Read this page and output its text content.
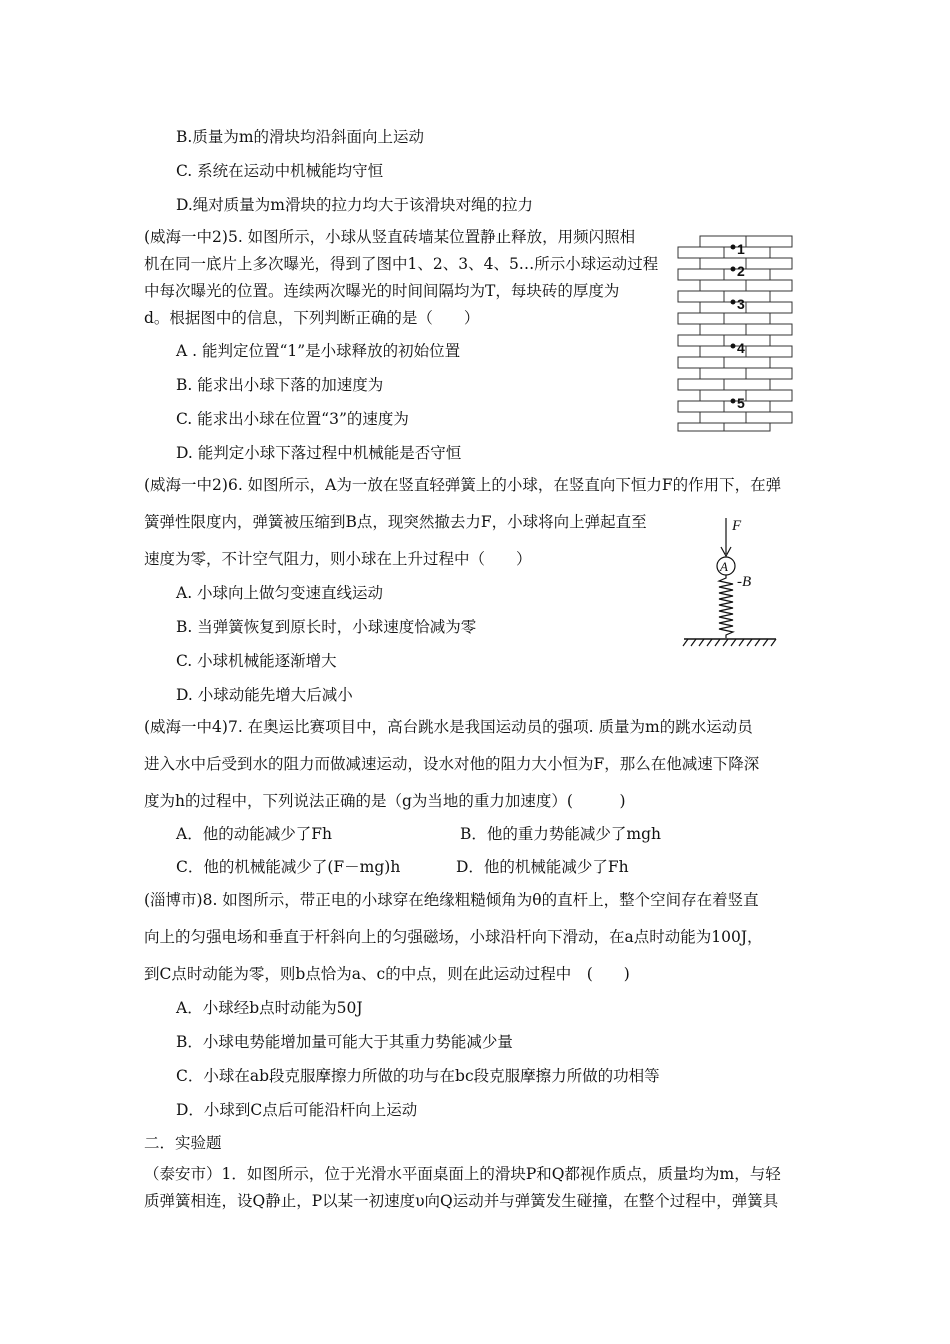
B.质量为m的滑块均沿斜面向上运动
C. 系统在运动中机械能均守恒
D.绳对质量为m滑块的拉力均大于该滑块对绳的拉力
(威海一中2)5. 如图所示，小球从竖直砖墙某位置静止释放，用频闪照相
机在同一底片上多次曝光，得到了图中1、2、3、4、5…所示小球运动过程
中每次曝光的位置。连续两次曝光的时间间隔均为T，每块砖的厚度为
d。根据图中的信息，下列判断正确的是（　　）
A . 能判定位置“1”是小球释放的初始位置
B. 能求出小球下落的加速度为
C. 能求出小球在位置“3”的速度为
D. 能判定小球下落过程中机械能是否守恒
1
2
3
4
5
(威海一中2)6. 如图所示，A为一放在竖直轻弹簧上的小球，在竖直向下恒力F的作用下，在弹
簧弹性限度内，弹簧被压缩到B点，现突然撤去力F，小球将向上弹起直至
速度为零，不计空气阻力，则小球在上升过程中（　　）
A. 小球向上做匀变速直线运动
B. 当弹簧恢复到原长时，小球速度恰减为零
C. 小球机械能逐渐增大
D. 小球动能先增大后减小
F
A
-B
(威海一中4)7. 在奥运比赛项目中，高台跳水是我国运动员的强项. 质量为m的跳水运动员
进入水中后受到水的阻力而做减速运动，设水对他的阻力大小恒为F，那么在他减速下降深
度为h的过程中，下列说法正确的是（g为当地的重力加速度）(　　　)
A．他的动能减少了Fh	B．他的重力势能减少了mgh
C．他的机械能减少了(F－mg)h	D．他的机械能减少了Fh
(淄博市)8. 如图所示，带正电的小球穿在绝缘粗糙倾角为θ的直杆上，整个空间存在着竖直
向上的匀强电场和垂直于杆斜向上的匀强磁场，小球沿杆向下滑动，在a点时动能为100J，
到C点时动能为零，则b点恰为a、c的中点，则在此运动过程中　(　　)
A．小球经b点时动能为50J
B．小球电势能增加量可能大于其重力势能减少量
C．小球在ab段克服摩擦力所做的功与在bc段克服摩擦力所做的功相等
D．小球到C点后可能沿杆向上运动
二．实验题
（泰安市）1．如图所示，位于光滑水平面桌面上的滑块P和Q都视作质点，质量均为m，与轻
质弹簧相连，设Q静止，P以某一初速度υ向Q运动并与弹簧发生碰撞，在整个过程中，弹簧具
